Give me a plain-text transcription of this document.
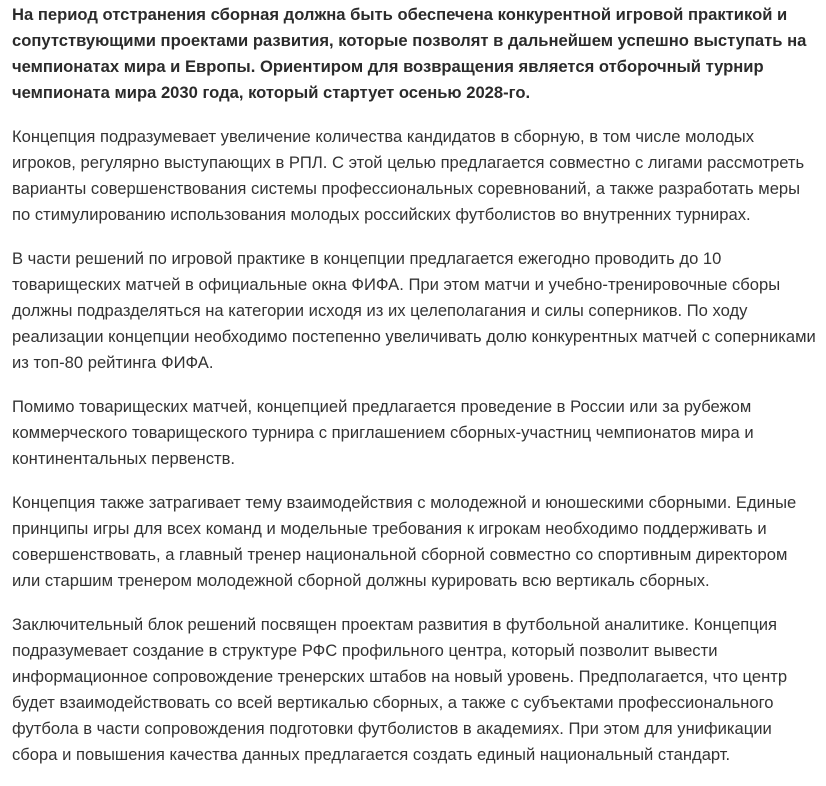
На период отстранения сборная должна быть обеспечена конкурентной игровой практикой и сопутствующими проектами развития, которые позволят в дальнейшем успешно выступать на чемпионатах мира и Европы. Ориентиром для возвращения является отборочный турнир чемпионата мира 2030 года, который стартует осенью 2028-го.

Концепция подразумевает увеличение количества кандидатов в сборную, в том числе молодых игроков, регулярно выступающих в РПЛ. С этой целью предлагается совместно с лигами рассмотреть варианты совершенствования системы профессиональных соревнований, а также разработать меры по стимулированию использования молодых российских футболистов во внутренних турнирах.

В части решений по игровой практике в концепции предлагается ежегодно проводить до 10 товарищеских матчей в официальные окна ФИФА. При этом матчи и учебно-тренировочные сборы должны подразделяться на категории исходя из их целеполагания и силы соперников. По ходу реализации концепции необходимо постепенно увеличивать долю конкурентных матчей с соперниками из топ-80 рейтинга ФИФА.

Помимо товарищеских матчей, концепцией предлагается проведение в России или за рубежом коммерческого товарищеского турнира с приглашением сборных-участниц чемпионатов мира и континентальных первенств.

Концепция также затрагивает тему взаимодействия с молодежной и юношескими сборными. Единые принципы игры для всех команд и модельные требования к игрокам необходимо поддерживать и совершенствовать, а главный тренер национальной сборной совместно со спортивным директором или старшим тренером молодежной сборной должны курировать всю вертикаль сборных.

Заключительный блок решений посвящен проектам развития в футбольной аналитике. Концепция подразумевает создание в структуре РФС профильного центра, который позволит вывести информационное сопровождение тренерских штабов на новый уровень. Предполагается, что центр будет взаимодействовать со всей вертикалью сборных, а также с субъектами профессионального футбола в части сопровождения подготовки футболистов в академиях. При этом для унификации сбора и повышения качества данных предлагается создать единый национальный стандарт.
